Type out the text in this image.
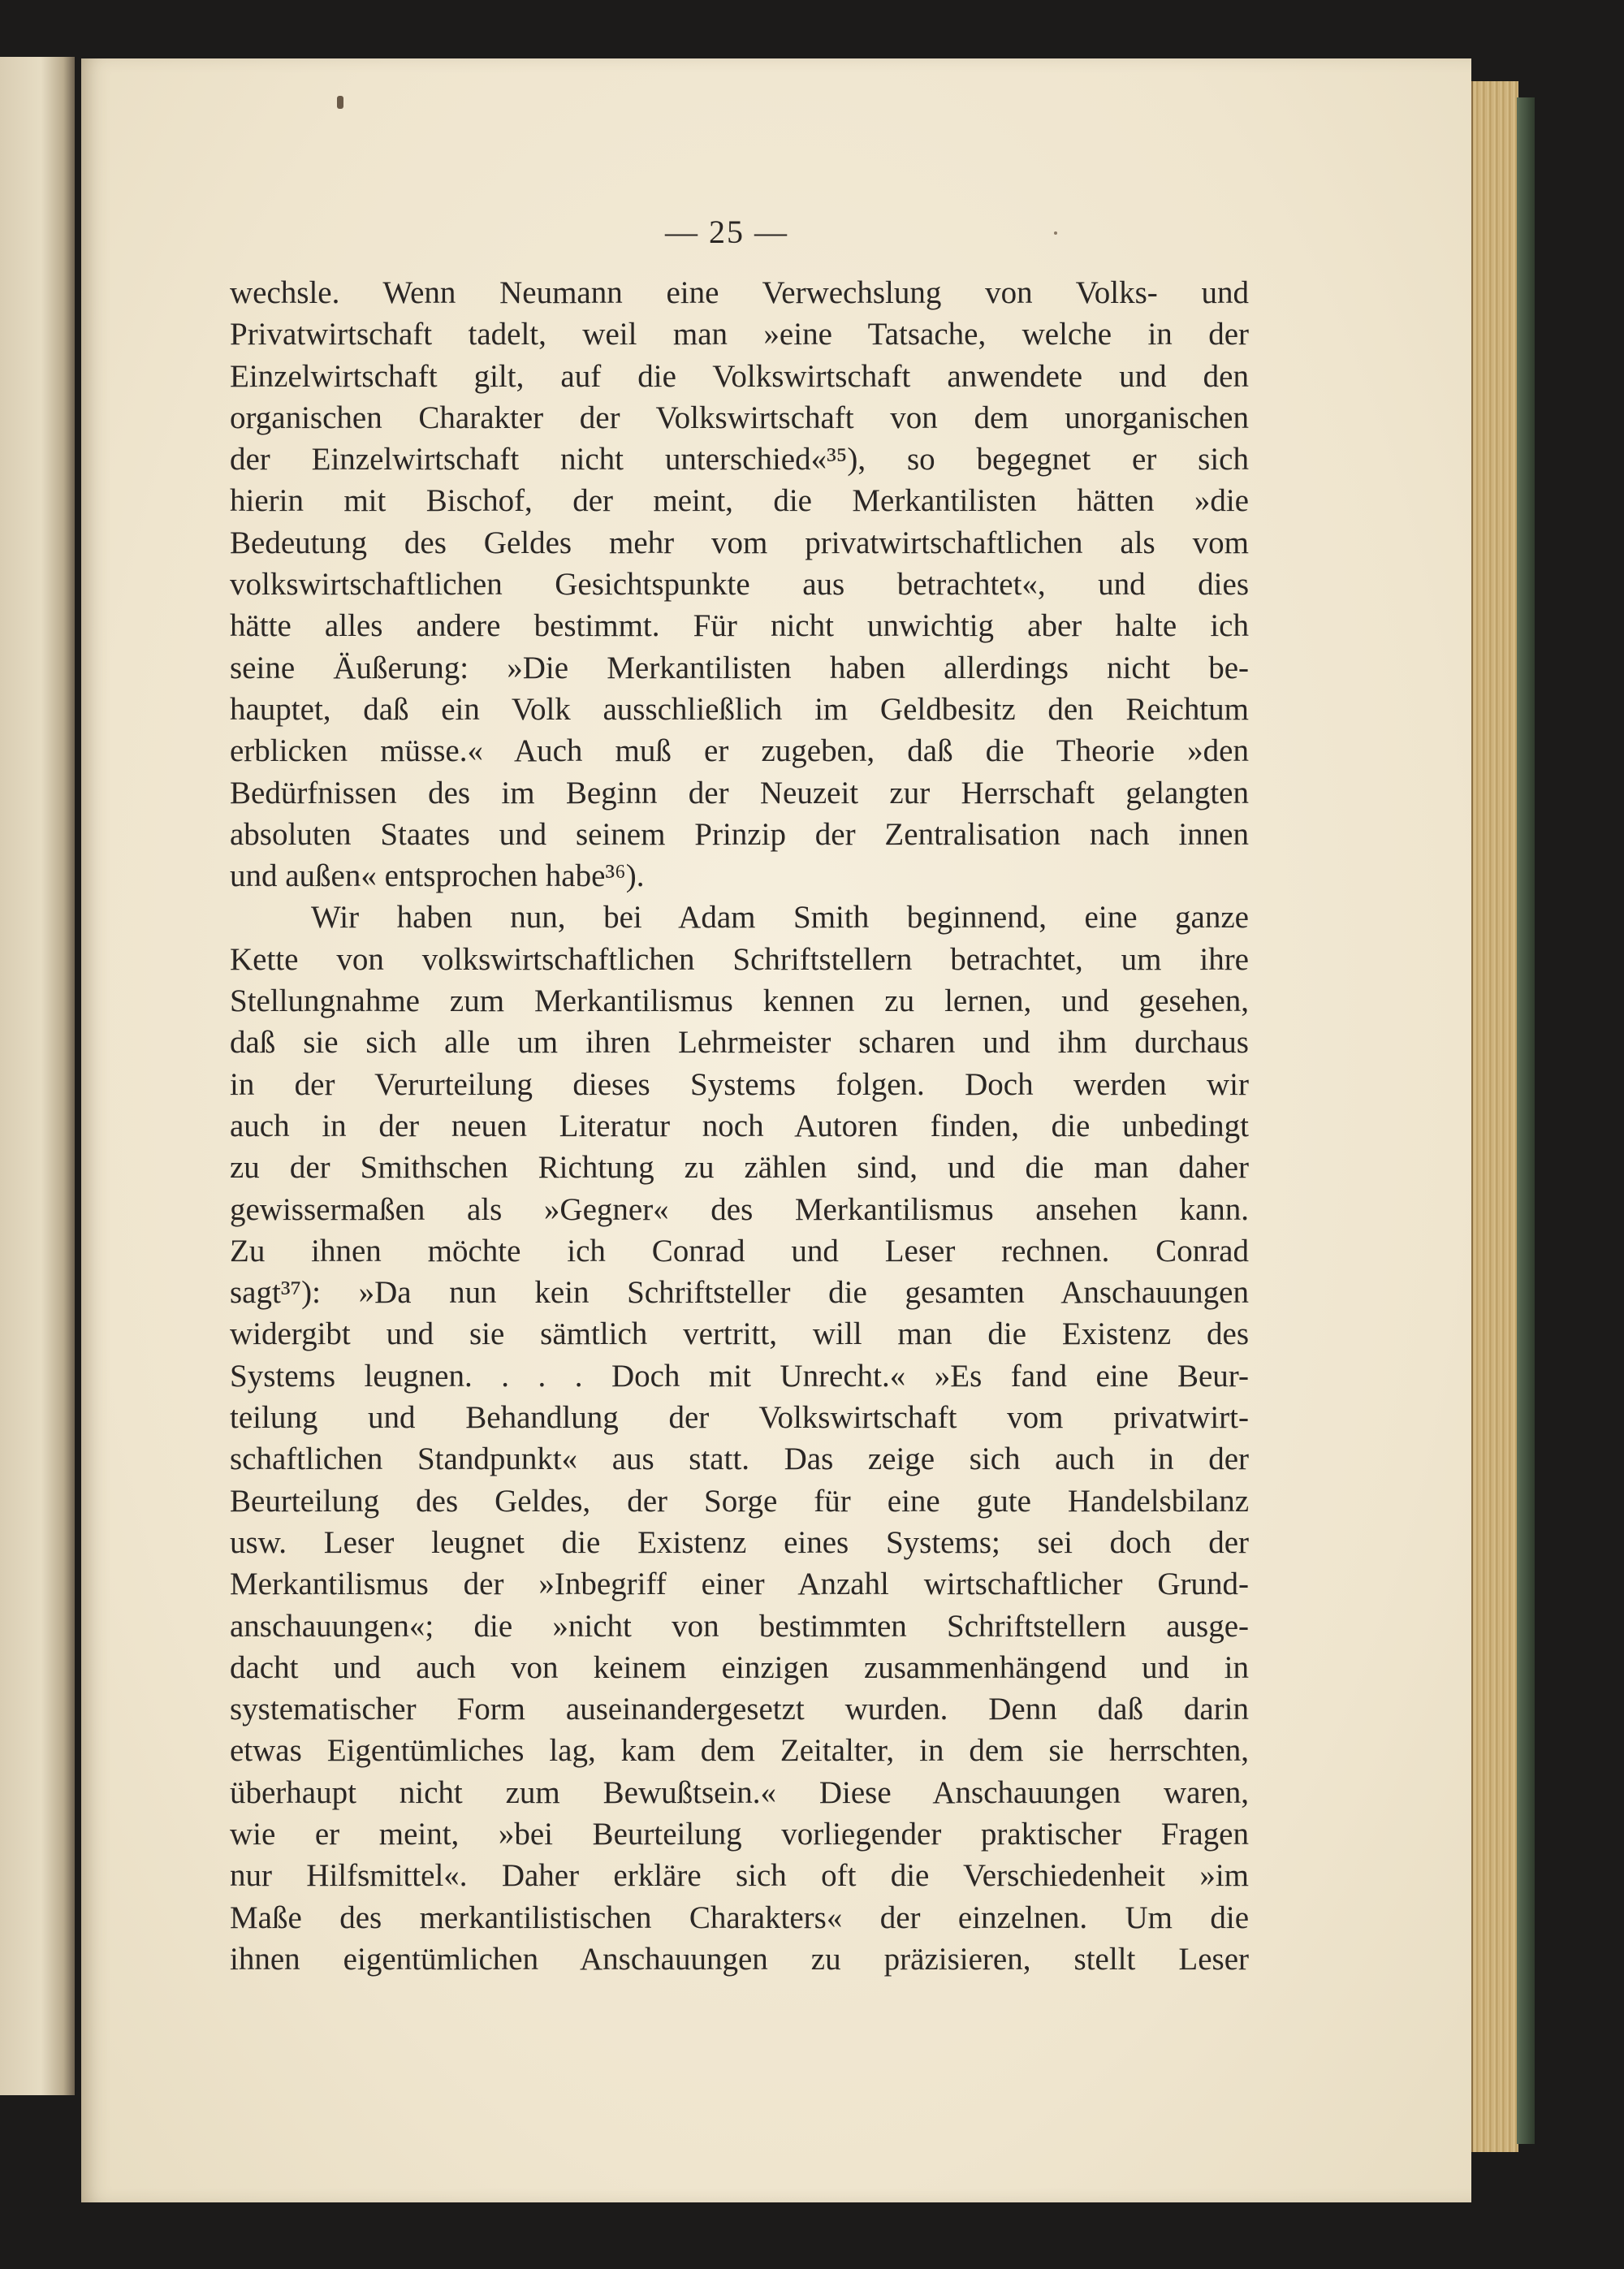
— 25 —
wechsle. Wenn Neumann eine Verwechslung von Volks- und
Privatwirtschaft tadelt, weil man »eine Tatsache, welche in der
Einzelwirtschaft gilt, auf die Volkswirtschaft anwendete und den
organischen Charakter der Volkswirtschaft von dem unorganischen
der Einzelwirtschaft nicht unterschied«³⁵), so begegnet er sich
hierin mit Bischof, der meint, die Merkantilisten hätten »die
Bedeutung des Geldes mehr vom privatwirtschaftlichen als vom
volkswirtschaftlichen Gesichtspunkte aus betrachtet«, und dies
hätte alles andere bestimmt. Für nicht unwichtig aber halte ich
seine Äußerung: »Die Merkantilisten haben allerdings nicht be-
hauptet, daß ein Volk ausschließlich im Geldbesitz den Reichtum
erblicken müsse.« Auch muß er zugeben, daß die Theorie »den
Bedürfnissen des im Beginn der Neuzeit zur Herrschaft gelangten
absoluten Staates und seinem Prinzip der Zentralisation nach innen
und außen« entsprochen habe³⁶).
Wir haben nun, bei Adam Smith beginnend, eine ganze
Kette von volkswirtschaftlichen Schriftstellern betrachtet, um ihre
Stellungnahme zum Merkantilismus kennen zu lernen, und gesehen,
daß sie sich alle um ihren Lehrmeister scharen und ihm durchaus
in der Verurteilung dieses Systems folgen. Doch werden wir
auch in der neuen Literatur noch Autoren finden, die unbedingt
zu der Smithschen Richtung zu zählen sind, und die man daher
gewissermaßen als »Gegner« des Merkantilismus ansehen kann.
Zu ihnen möchte ich Conrad und Leser rechnen. Conrad
sagt³⁷): »Da nun kein Schriftsteller die gesamten Anschauungen
widergibt und sie sämtlich vertritt, will man die Existenz des
Systems leugnen. . . . Doch mit Unrecht.« »Es fand eine Beur-
teilung und Behandlung der Volkswirtschaft vom privatwirt-
schaftlichen Standpunkt« aus statt. Das zeige sich auch in der
Beurteilung des Geldes, der Sorge für eine gute Handelsbilanz
usw. Leser leugnet die Existenz eines Systems; sei doch der
Merkantilismus der »Inbegriff einer Anzahl wirtschaftlicher Grund-
anschauungen«; die »nicht von bestimmten Schriftstellern ausge-
dacht und auch von keinem einzigen zusammenhängend und in
systematischer Form auseinandergesetzt wurden. Denn daß darin
etwas Eigentümliches lag, kam dem Zeitalter, in dem sie herrschten,
überhaupt nicht zum Bewußtsein.« Diese Anschauungen waren,
wie er meint, »bei Beurteilung vorliegender praktischer Fragen
nur Hilfsmittel«. Daher erkläre sich oft die Verschiedenheit »im
Maße des merkantilistischen Charakters« der einzelnen. Um die
ihnen eigentümlichen Anschauungen zu präzisieren, stellt Leser
